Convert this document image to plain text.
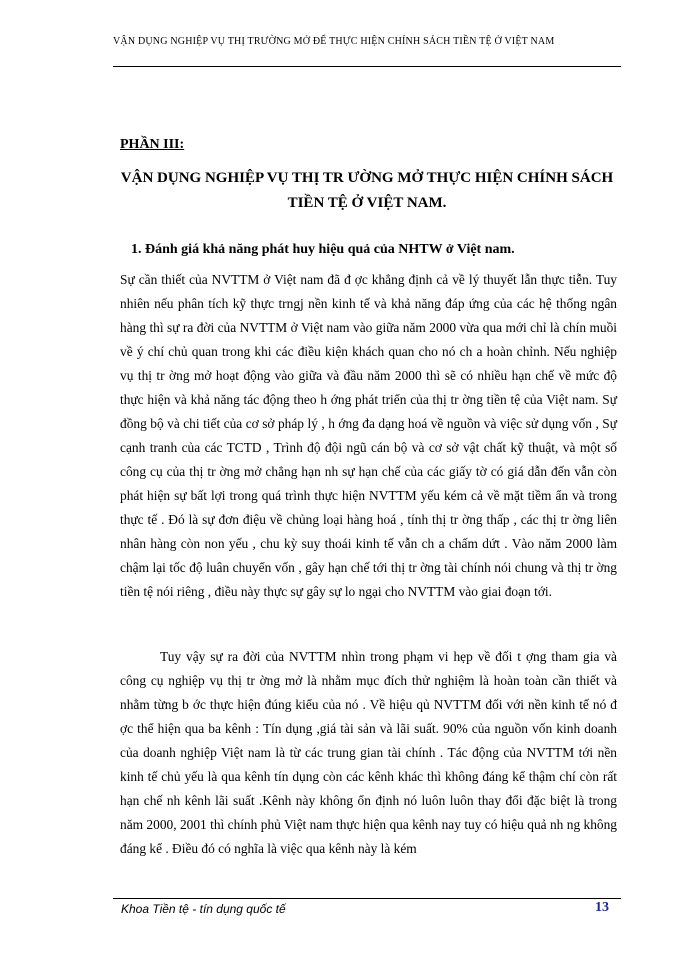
VẬN DỤNG NGHIỆP VỤ THỊ TRƯỜNG MỞ ĐỂ THỰC HIỆN CHÍNH SÁCH TIỀN TỆ Ở VIỆT NAM
PHẦN III:
VẬN DỤNG NGHIỆP VỤ THỊ TR ƯỜNG MỞ THỰC HIỆN CHÍNH SÁCH TIỀN TỆ Ở VIỆT NAM.
1. Đánh giá khả năng phát huy hiệu quả của NHTW ở Việt nam.
Sự cần thiết của NVTTM ở Việt nam đã đ ợc khẳng định cả về lý thuyết lẫn thực tiễn. Tuy nhiên nếu phân tích kỹ thực trngj nền kinh tế và khả năng đáp ứng của các hệ thống ngân hàng thì sự ra đời của NVTTM ở Việt nam vào giữa năm 2000 vừa qua mới chỉ là chín muồi về ý chí chủ quan trong khi các điều kiện khách quan cho nó ch a hoàn chỉnh. Nếu nghiệp vụ thị tr ờng mở hoạt động vào giữa và đầu năm 2000 thì sẽ có nhiều hạn chế về mức độ thực hiện và khả năng tác động theo h ớng phát triển của thị tr ờng tiền tệ của Việt nam. Sự đồng bộ và chi tiết của cơ sở pháp lý , h ớng đa dạng hoá về nguồn và việc sử dụng vốn , Sự cạnh tranh của các TCTD , Trình độ đội ngũ cán bộ và cơ sở vật chất kỹ thuật, và một số công cụ của thị tr ờng mở chẳng hạn nh sự hạn chế của các giấy tờ có giá dẫn đến vẫn còn phát hiện sự bất lợi trong quá trình thực hiện NVTTM yếu kém cả về mặt tiềm ẩn và trong thực tế . Đó là sự đơn điệu về chủng loại hàng hoá , tính thị tr ờng thấp , các thị tr ờng liên nhân hàng còn non yếu , chu kỳ suy thoái kinh tế vẫn ch a chấm dứt . Vào năm 2000 làm chậm lại tốc độ luân chuyển vốn , gây hạn chế tới thị tr ờng tài chính nói chung và thị tr ờng tiền tệ nói riêng , điều này thực sự gây sự lo ngại cho NVTTM vào giai đoạn tới.
Tuy vậy sự ra đời của NVTTM nhìn trong phạm vi hẹp về đối t ợng tham gia và công cụ nghiệp vụ thị tr ờng mở là nhằm mục đích thử nghiệm là hoàn toàn cần thiết và nhằm từng b ớc thực hiện đúng kiểu của nó . Về hiệu qủ NVTTM đối với nền kinh tế nó đ ợc thể hiện qua ba kênh : Tín dụng ,giá tài sản và lãi suất. 90% của nguồn vốn kinh doanh của doanh nghiệp Việt nam là từ các trung gian tài chính . Tác động của NVTTM tới nền kinh tế chủ yếu là qua kênh tín dụng còn các kênh khác thì không đáng kể thậm chí còn rất hạn chế nh kênh lãi suất .Kênh này không ổn định nó luôn luôn thay đổi đặc biệt là trong năm 2000, 2001 thì chính phủ Việt nam thực hiện qua kênh nay tuy có hiệu quả nh ng không đáng kể . Điều đó có nghĩa là việc qua kênh này là kém
Khoa Tiền tệ - tín dụng quốc tế	13
